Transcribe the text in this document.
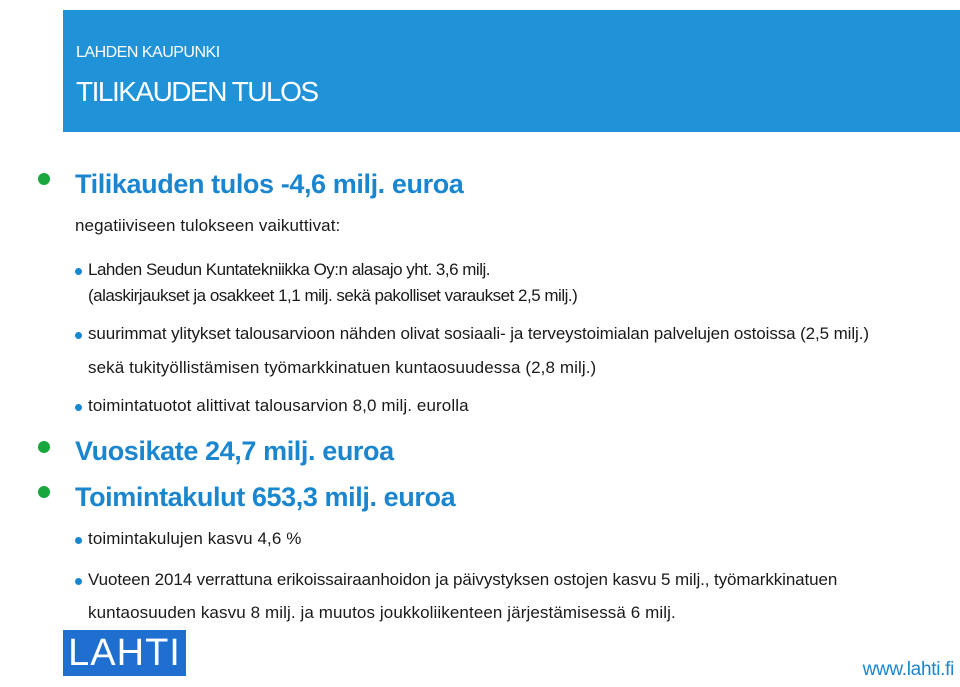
LAHDEN KAUPUNKI
TILIKAUDEN TULOS
Tilikauden tulos -4,6 milj. euroa
negatiiviseen tulokseen vaikuttivat:
Lahden Seudun Kuntatekniikka Oy:n alasajo yht. 3,6 milj.
(alaskirjaukset ja osakkeet 1,1 milj. sekä pakolliset varaukset 2,5 milj.)
suurimmat ylitykset talousarvioon nähden olivat sosiaali- ja terveystoimialan palvelujen ostoissa (2,5 milj.)
sekä tukityöllistämisen työmarkkinatuen kuntaosuudessa (2,8 milj.)
toimintatuotot alittivat talousarvion 8,0 milj. eurolla
Vuosikate 24,7 milj. euroa
Toimintakulut 653,3 milj. euroa
toimintakulujen kasvu 4,6 %
Vuoteen 2014 verrattuna erikoissairaanhoidon ja päivystyksen ostojen kasvu 5 milj., työmarkkinatuen
kuntaosuuden kasvu 8 milj. ja muutos joukkoliikenteen järjestämisessä 6 milj.
LAHTI	www.lahti.fi
